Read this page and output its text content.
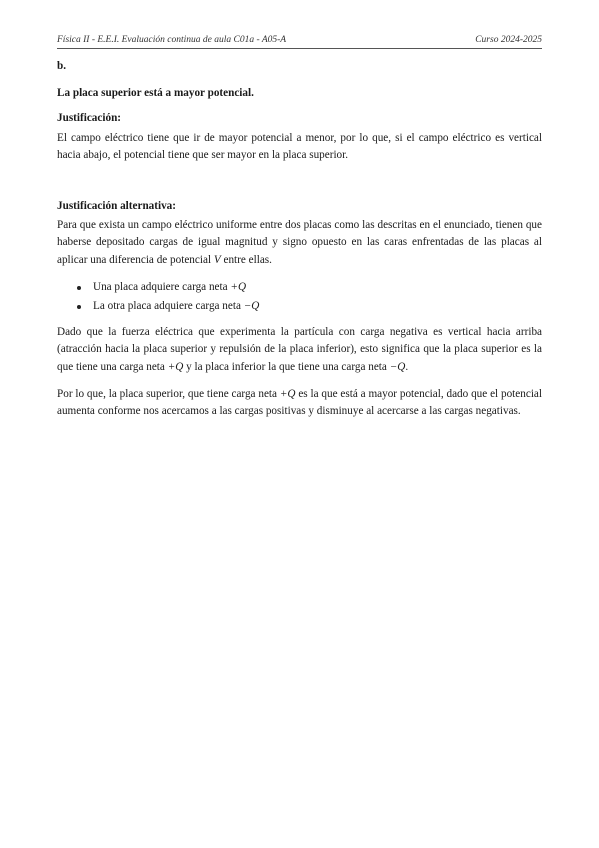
Física II - E.E.I. Evaluación continua de aula C01a - A05-A	Curso 2024-2025
b.
La placa superior está a mayor potencial.
Justificación:
El campo eléctrico tiene que ir de mayor potencial a menor, por lo que, si el campo eléctrico es vertical hacia abajo, el potencial tiene que ser mayor en la placa superior.
Justificación alternativa:
Para que exista un campo eléctrico uniforme entre dos placas como las descritas en el enunciado, tienen que haberse depositado cargas de igual magnitud y signo opuesto en las caras enfrentadas de las placas al aplicar una diferencia de potencial V entre ellas.
Una placa adquiere carga neta +Q
La otra placa adquiere carga neta −Q
Dado que la fuerza eléctrica que experimenta la partícula con carga negativa es vertical hacia arriba (atracción hacia la placa superior y repulsión de la placa inferior), esto significa que la placa superior es la que tiene una carga neta +Q y la placa inferior la que tiene una carga neta −Q.
Por lo que, la placa superior, que tiene carga neta +Q es la que está a mayor potencial, dado que el potencial aumenta conforme nos acercamos a las cargas positivas y disminuye al acercarse a las cargas negativas.
